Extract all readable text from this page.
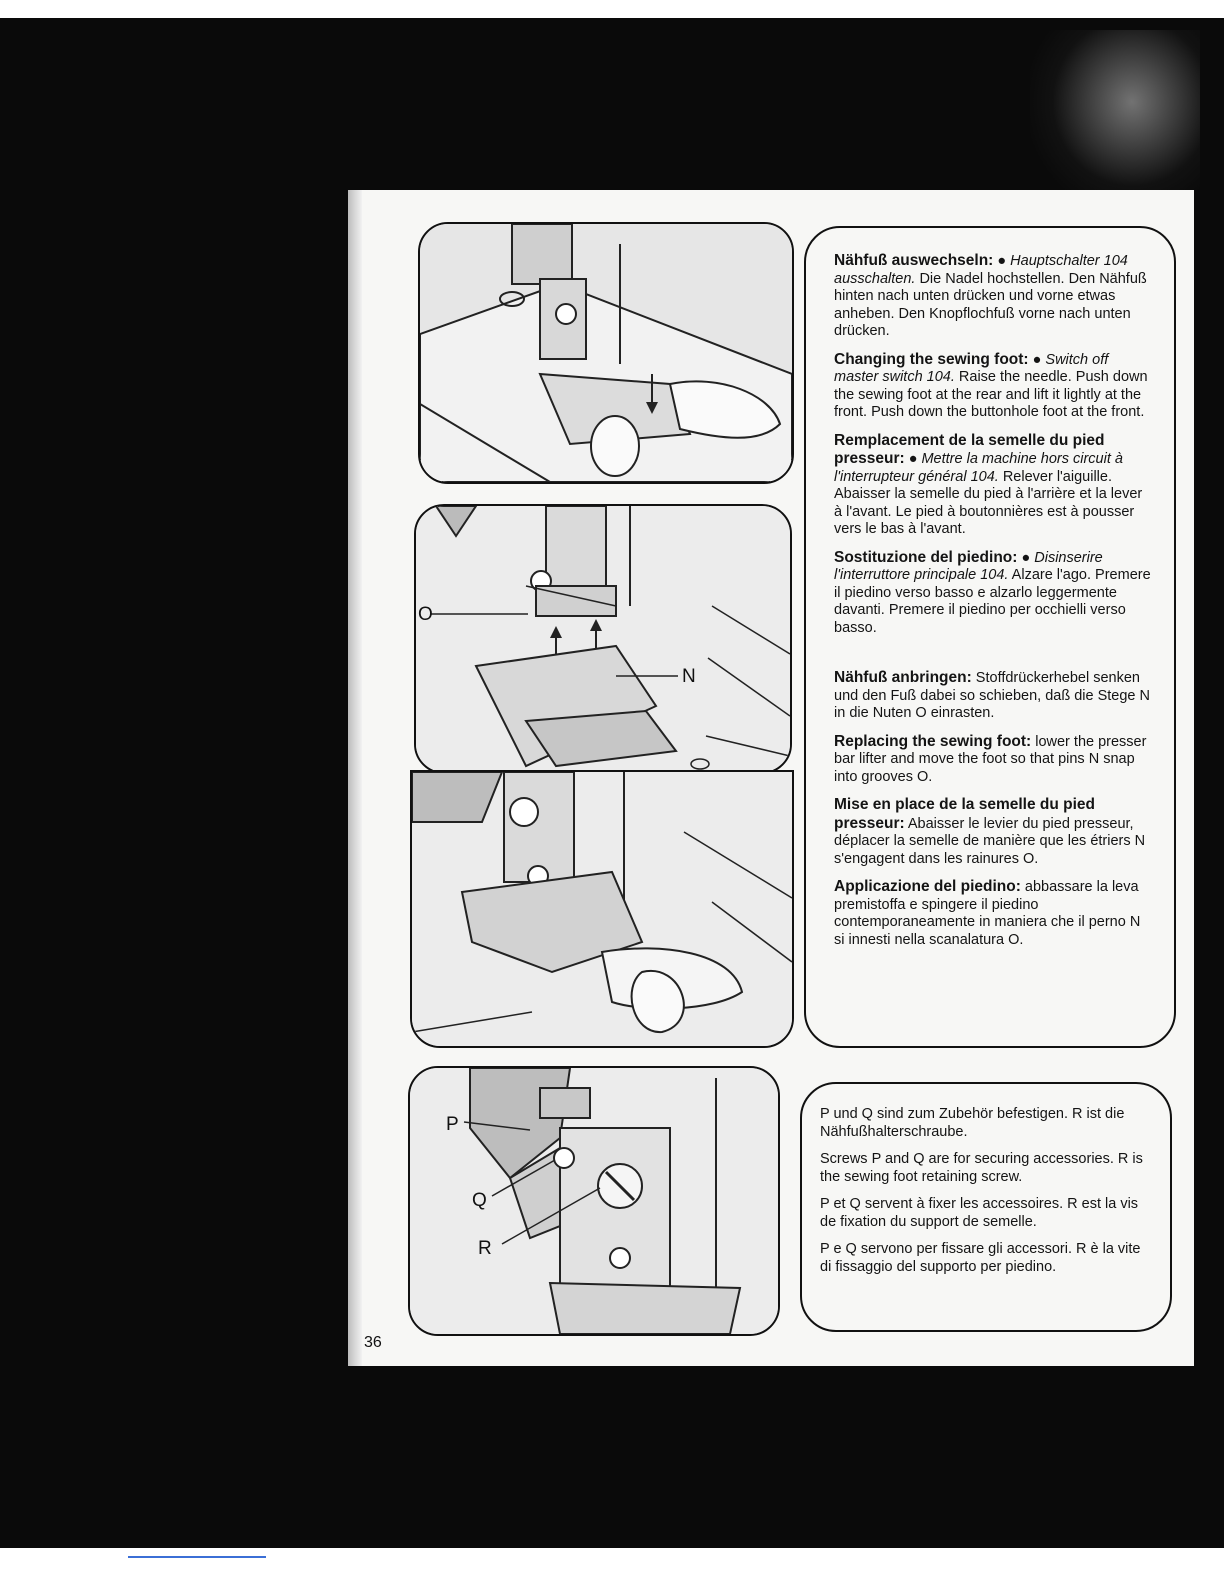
O
N
P
Q
R

Nähfuß auswechseln: ● Hauptschalter 104 ausschalten. Die Nadel hochstellen. Den Nähfuß hinten nach unten drücken und vorne etwas anheben. Den Knopflochfuß vorne nach unten drücken.

Changing the sewing foot: ● Switch off master switch 104. Raise the needle. Push down the sewing foot at the rear and lift it lightly at the front. Push down the buttonhole foot at the front.

Remplacement de la semelle du pied presseur: ● Mettre la machine hors circuit à l'interrupteur général 104. Relever l'aiguille. Abaisser la semelle du pied à l'arrière et la lever à l'avant. Le pied à boutonnières est à pousser vers le bas à l'avant.

Sostituzione del piedino: ● Disinserire l'interruttore principale 104. Alzare l'ago. Premere il piedino verso basso e alzarlo leggermente davanti. Premere il piedino per occhielli verso basso.

Nähfuß anbringen: Stoffdrückerhebel senken und den Fuß dabei so schieben, daß die Stege N in die Nuten O einrasten.

Replacing the sewing foot: lower the presser bar lifter and move the foot so that pins N snap into grooves O.

Mise en place de la semelle du pied presseur: Abaisser le levier du pied presseur, déplacer la semelle de manière que les étriers N s'engagent dans les rainures O.

Applicazione del piedino: abbassare la leva premistoffa e spingere il piedino contemporaneamente in maniera che il perno N si innesti nella scanalatura O.

P und Q sind zum Zubehör befestigen. R ist die Nähfußhalterschraube.

Screws P and Q are for securing accessories. R is the sewing foot retaining screw.

P et Q servent à fixer les accessoires. R est la vis de fixation du support de semelle.

P e Q servono per fissare gli accessori. R è la vite di fissaggio del supporto per piedino.

36
